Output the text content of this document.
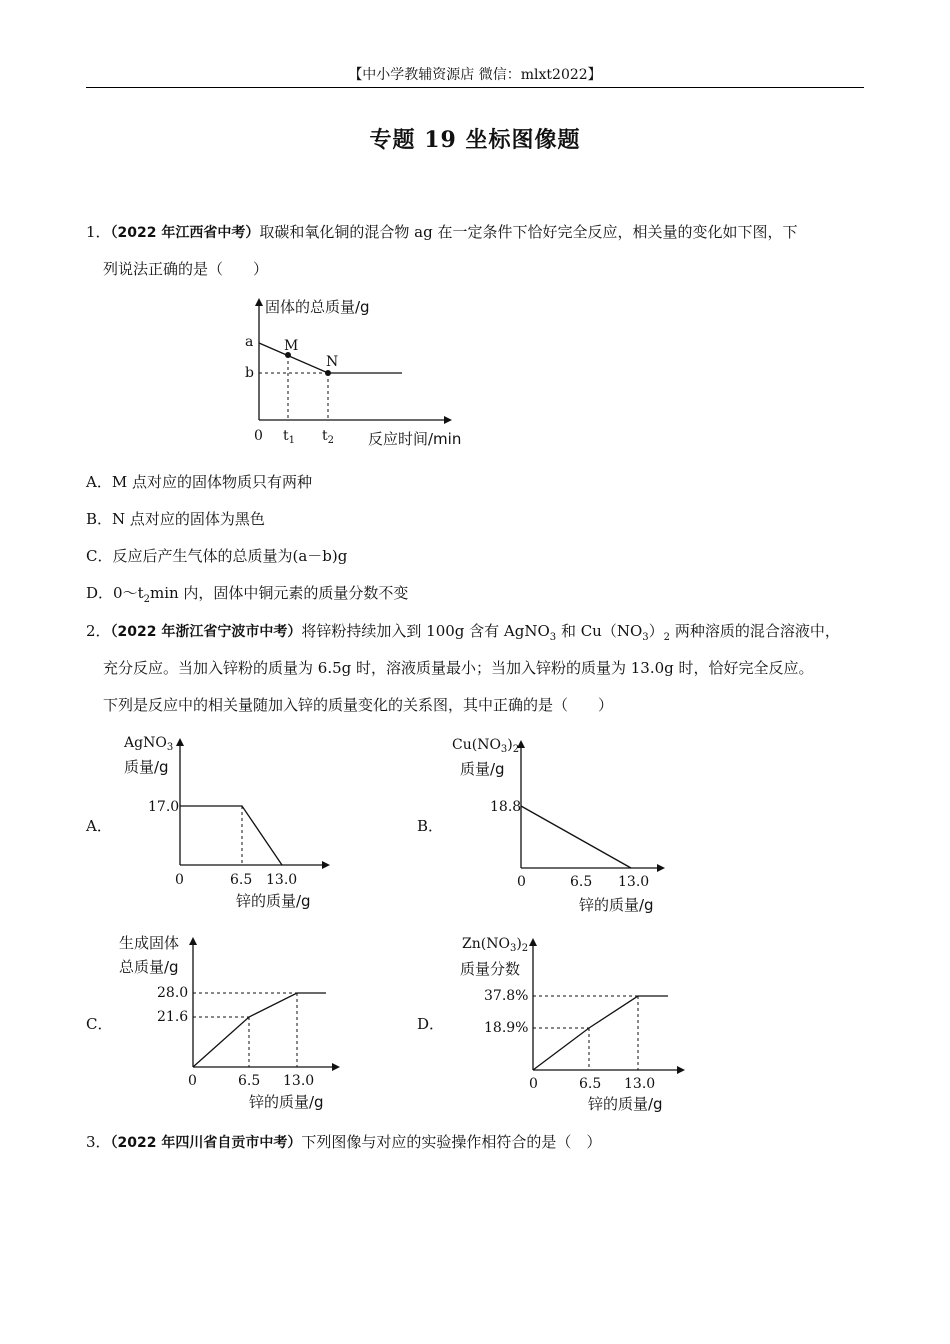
【中小学教辅资源店 微信：mlxt2022】
专题 19 坐标图像题
1．（2022 年江西省中考）取碳和氧化铜的混合物 ag 在一定条件下恰好完全反应，相关量的变化如下图，下
列说法正确的是（　　）
固体的总质量/g
反应时间/min
0 $t_1$ $t_2$
a
b
M
N
A．M 点对应的固体物质只有两种
B．N 点对应的固体为黑色
C．反应后产生气体的总质量为(a－b)g
D．$0\sim t_2\min$ 内，固体中铜元素的质量分数不变
2．（2022 年浙江省宁波市中考）将锌粉持续加入到 100g 含有 AgNO$_3$ 和 $Cu(NO_3)_2$ 两种溶质的混合溶液中，
充分反应。当加入锌粉的质量为 6.5g 时，溶液质量最小；当加入锌粉的质量为 13.0g 时，恰好完全反应。
下列是反应中的相关量随加入锌的质量变化的关系图，其中正确的是（　　）
A．	B．
C．	D．
AgNO$_3$
质量/g
17.0
0	6.5 13.0
锌的质量/g
$Cu(NO_3)_2$
质量/g
18.8
0	6.5 13.0
锌的质量/g
生成固体
总质量/g
28.0
21.6
0	6.5 13.0
锌的质量/g
$Zn(NO_3)_2$
质量分数
37.8%
18.9%
0	6.5 13.0
锌的质量/g
3．（2022 年四川省自贡市中考）下列图像与对应的实验操作相符合的是（　）
